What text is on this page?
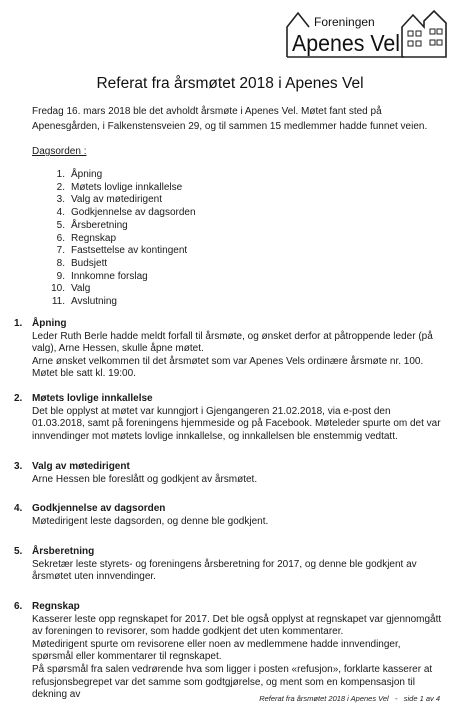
Foreningen
Apenes Vel
Referat fra årsmøtet 2018 i Apenes Vel

Fredag 16. mars 2018 ble det avholdt årsmøte i Apenes Vel. Møtet fant sted på Apenesgården, i Falkenstensveien 29, og til sammen 15 medlemmer hadde funnet veien.

Dagsorden :

1. Åpning
2. Møtets lovlige innkallelse
3. Valg av møtedirigent
4. Godkjennelse av dagsorden
5. Årsberetning
6. Regnskap
7. Fastsettelse av kontingent
8. Budsjett
9. Innkomne forslag
10. Valg
11. Avslutning
1. Åpning

Leder Ruth Berle hadde meldt forfall til årsmøte, og ønsket derfor at påtroppende leder (på valg), Arne Hessen, skulle åpne møtet.

Arne ønsket velkommen til det årsmøtet som var Apenes Vels ordinære årsmøte nr. 100.

Møtet ble satt kl. 19:00.

2. Møtets lovlige innkallelse

Det ble opplyst at møtet var kunngjort i Gjengangeren 21.02.2018, via e-post den 01.03.2018, samt på foreningens hjemmeside og på Facebook. Møteleder spurte om det var innvendinger mot møtets lovlige innkallelse, og innkallelsen ble enstemmig vedtatt.

3. Valg av møtedirigent

Arne Hessen ble foreslått og godkjent av årsmøtet.

4. Godkjennelse av dagsorden

Møtedirigent leste dagsorden, og denne ble godkjent.

5. Årsberetning

Sekretær leste styrets- og foreningens årsberetning for 2017, og denne ble godkjent av årsmøtet uten innvendinger.

6. Regnskap

Kasserer leste opp regnskapet for 2017. Det ble også opplyst at regnskapet var gjennomgått av foreningen to revisorer, som hadde godkjent det uten kommentarer.

Møtedirigent spurte om revisorene eller noen av medlemmene hadde innvendinger, spørsmål eller kommentarer til regnskapet.

På spørsmål fra salen vedrørende hva som ligger i posten «refusjon», forklarte kasserer at refusjonsbegrepet var det samme som godtgjørelse, og ment som en kompensasjon til dekning av	Referat fra årsmøtet 2018 i Apenes Vel   -   side 1 av 4
